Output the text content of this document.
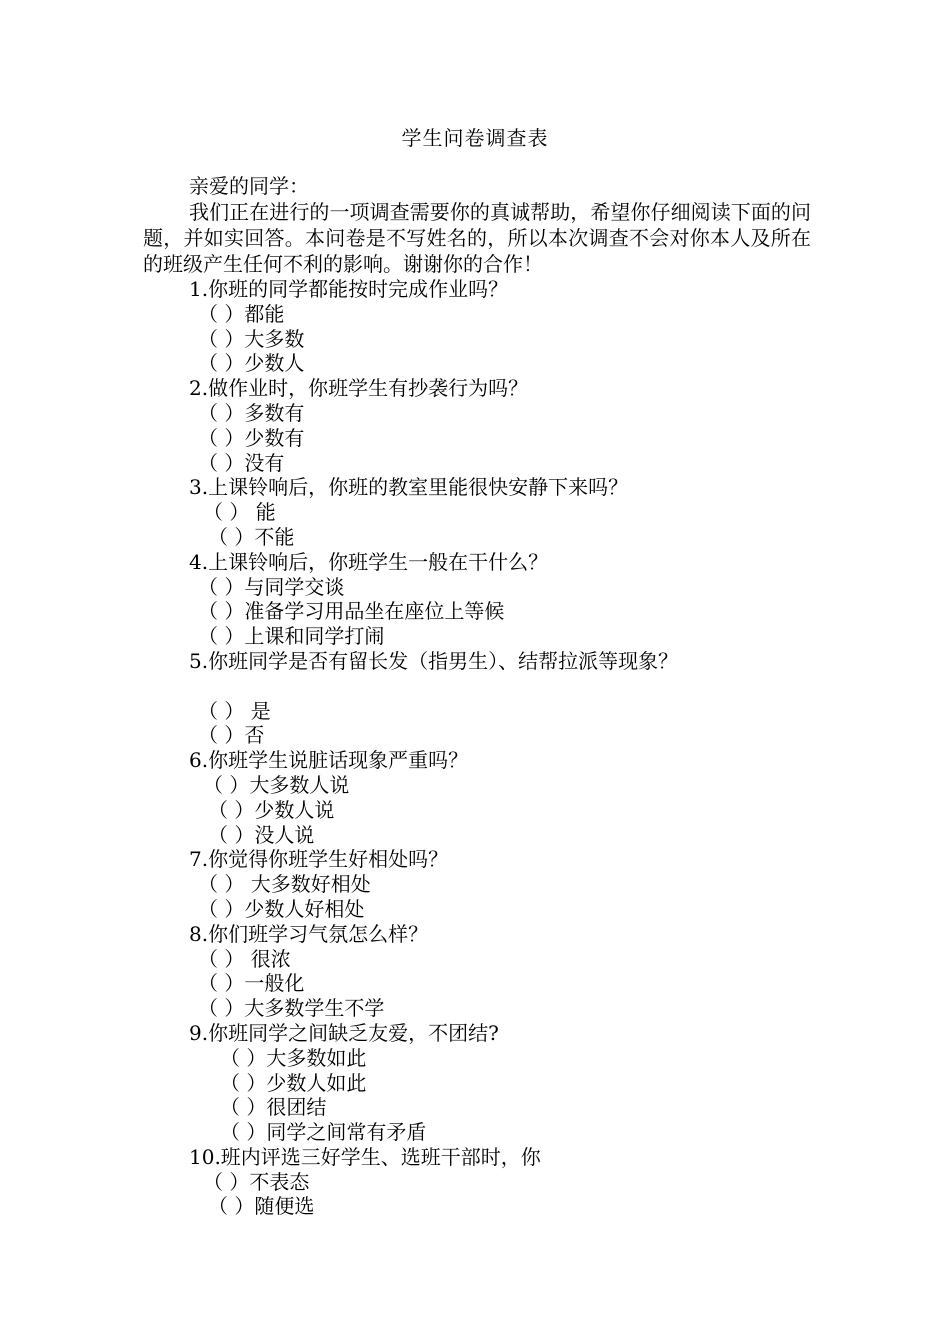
学生问卷调查表
亲爱的同学：

我们正在进行的一项调查需要你的真诚帮助，希望你仔细阅读下面的问题，并如实回答。本问卷是不写姓名的，所以本次调查不会对你本人及所在的班级产生任何不利的影响。谢谢你的合作！

1.你班的同学都能按时完成作业吗？
（ ）都能
（ ）大多数
（ ）少数人
2.做作业时，你班学生有抄袭行为吗？
（ ）多数有
（ ）少数有
（ ）没有
3.上课铃响后，你班的教室里能很快安静下来吗？
（ ） 能
（ ）不能
4.上课铃响后，你班学生一般在干什么？
（ ）与同学交谈
（ ）准备学习用品坐在座位上等候
（ ）上课和同学打闹
5.你班同学是否有留长发（指男生）、结帮拉派等现象？
（ ） 是
（ ）否
6.你班学生说脏话现象严重吗？
（ ）大多数人说
（ ）少数人说
（ ）没人说
7.你觉得你班学生好相处吗？
（ ） 大多数好相处
（ ）少数人好相处
8.你们班学习气氛怎么样？
（ ） 很浓
（ ）一般化
（ ）大多数学生不学
9.你班同学之间缺乏友爱，不团结?
（ ）大多数如此
（ ）少数人如此
（ ）很团结
（ ）同学之间常有矛盾
10.班内评选三好学生、选班干部时，你
（ ）不表态
（ ）随便选
